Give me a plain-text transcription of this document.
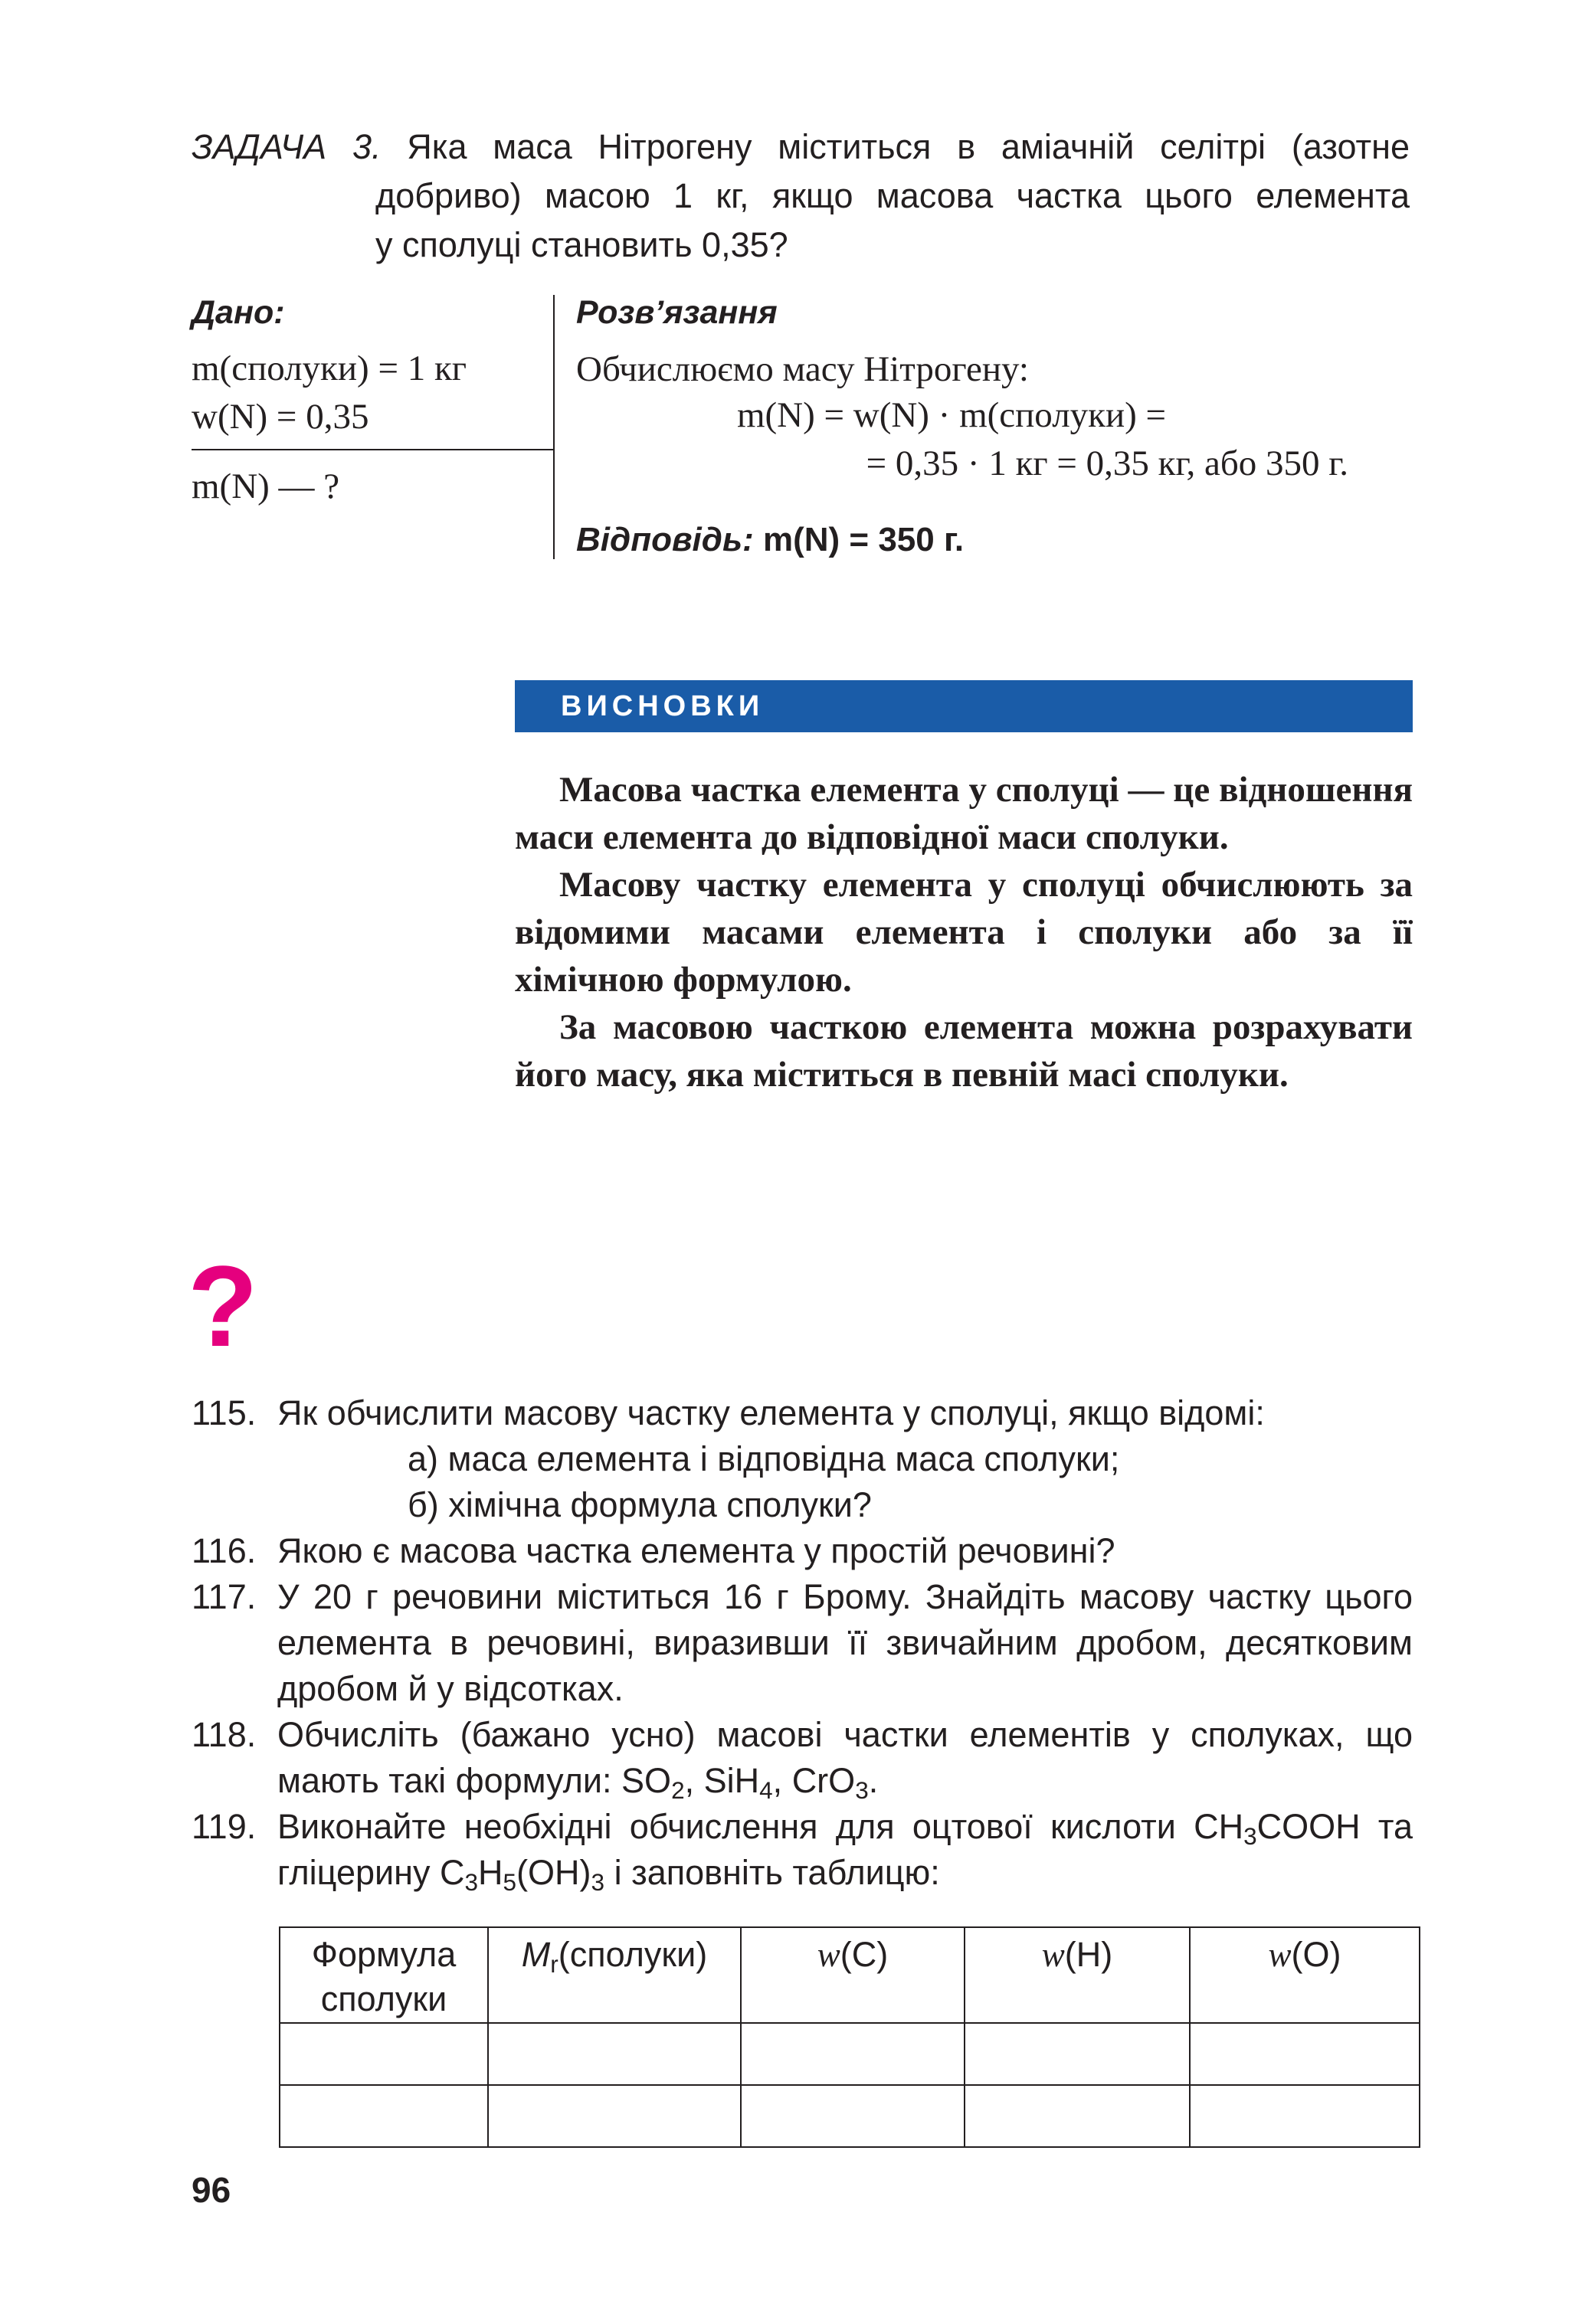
ЗАДАЧА 3. Яка маса Нітрогену міститься в аміачній селітрі (азотне

добриво) масою 1 кг, якщо масова частка цього елемента

у сполуці становить 0,35?

Дано:
m(сполуки) = 1 кг
w(N) = 0,35
m(N) — ?
Розв’язання
Обчислюємо масу Нітрогену:
m(N) = w(N) · m(сполуки) =
= 0,35 · 1 кг = 0,35 кг, або 350 г.
Відповідь: m(N) = 350 г.
ВИСНОВКИ

Масова частка елемента у сполуці — це відношення маси елемента до відповідної маси сполуки.

Масову частку елемента у сполуці обчислюють за відомими масами елемента і сполуки або за її хімічною формулою.

За масовою часткою елемента можна розрахувати його масу, яка міститься в певній масі сполуки.

?
115. Як обчислити масову частку елемента у сполуці, якщо відомі:
а) маса елемента і відповідна маса сполуки;
б) хімічна формула сполуки?
116. Якою є масова частка елемента у простій речовині?
117. У 20 г речовини міститься 16 г Брому. Знайдіть масову частку цього елемента в речовині, виразивши її звичайним дробом, десятковим дробом й у відсотках.
118. Обчисліть (бажано усно) масові частки елементів у сполуках, що мають такі формули: $SO_2$, SiH$_4$, CrO$_3$.
119. Виконайте необхідні обчислення для оцтової кислоти $CH_3COOH$ та гліцерину $C_3H_5(OH)_3$ і заповніть таблицю:
Формула
сполуки	$M_r(сполуки)$	w(C)	w(H)	w(O)

96
